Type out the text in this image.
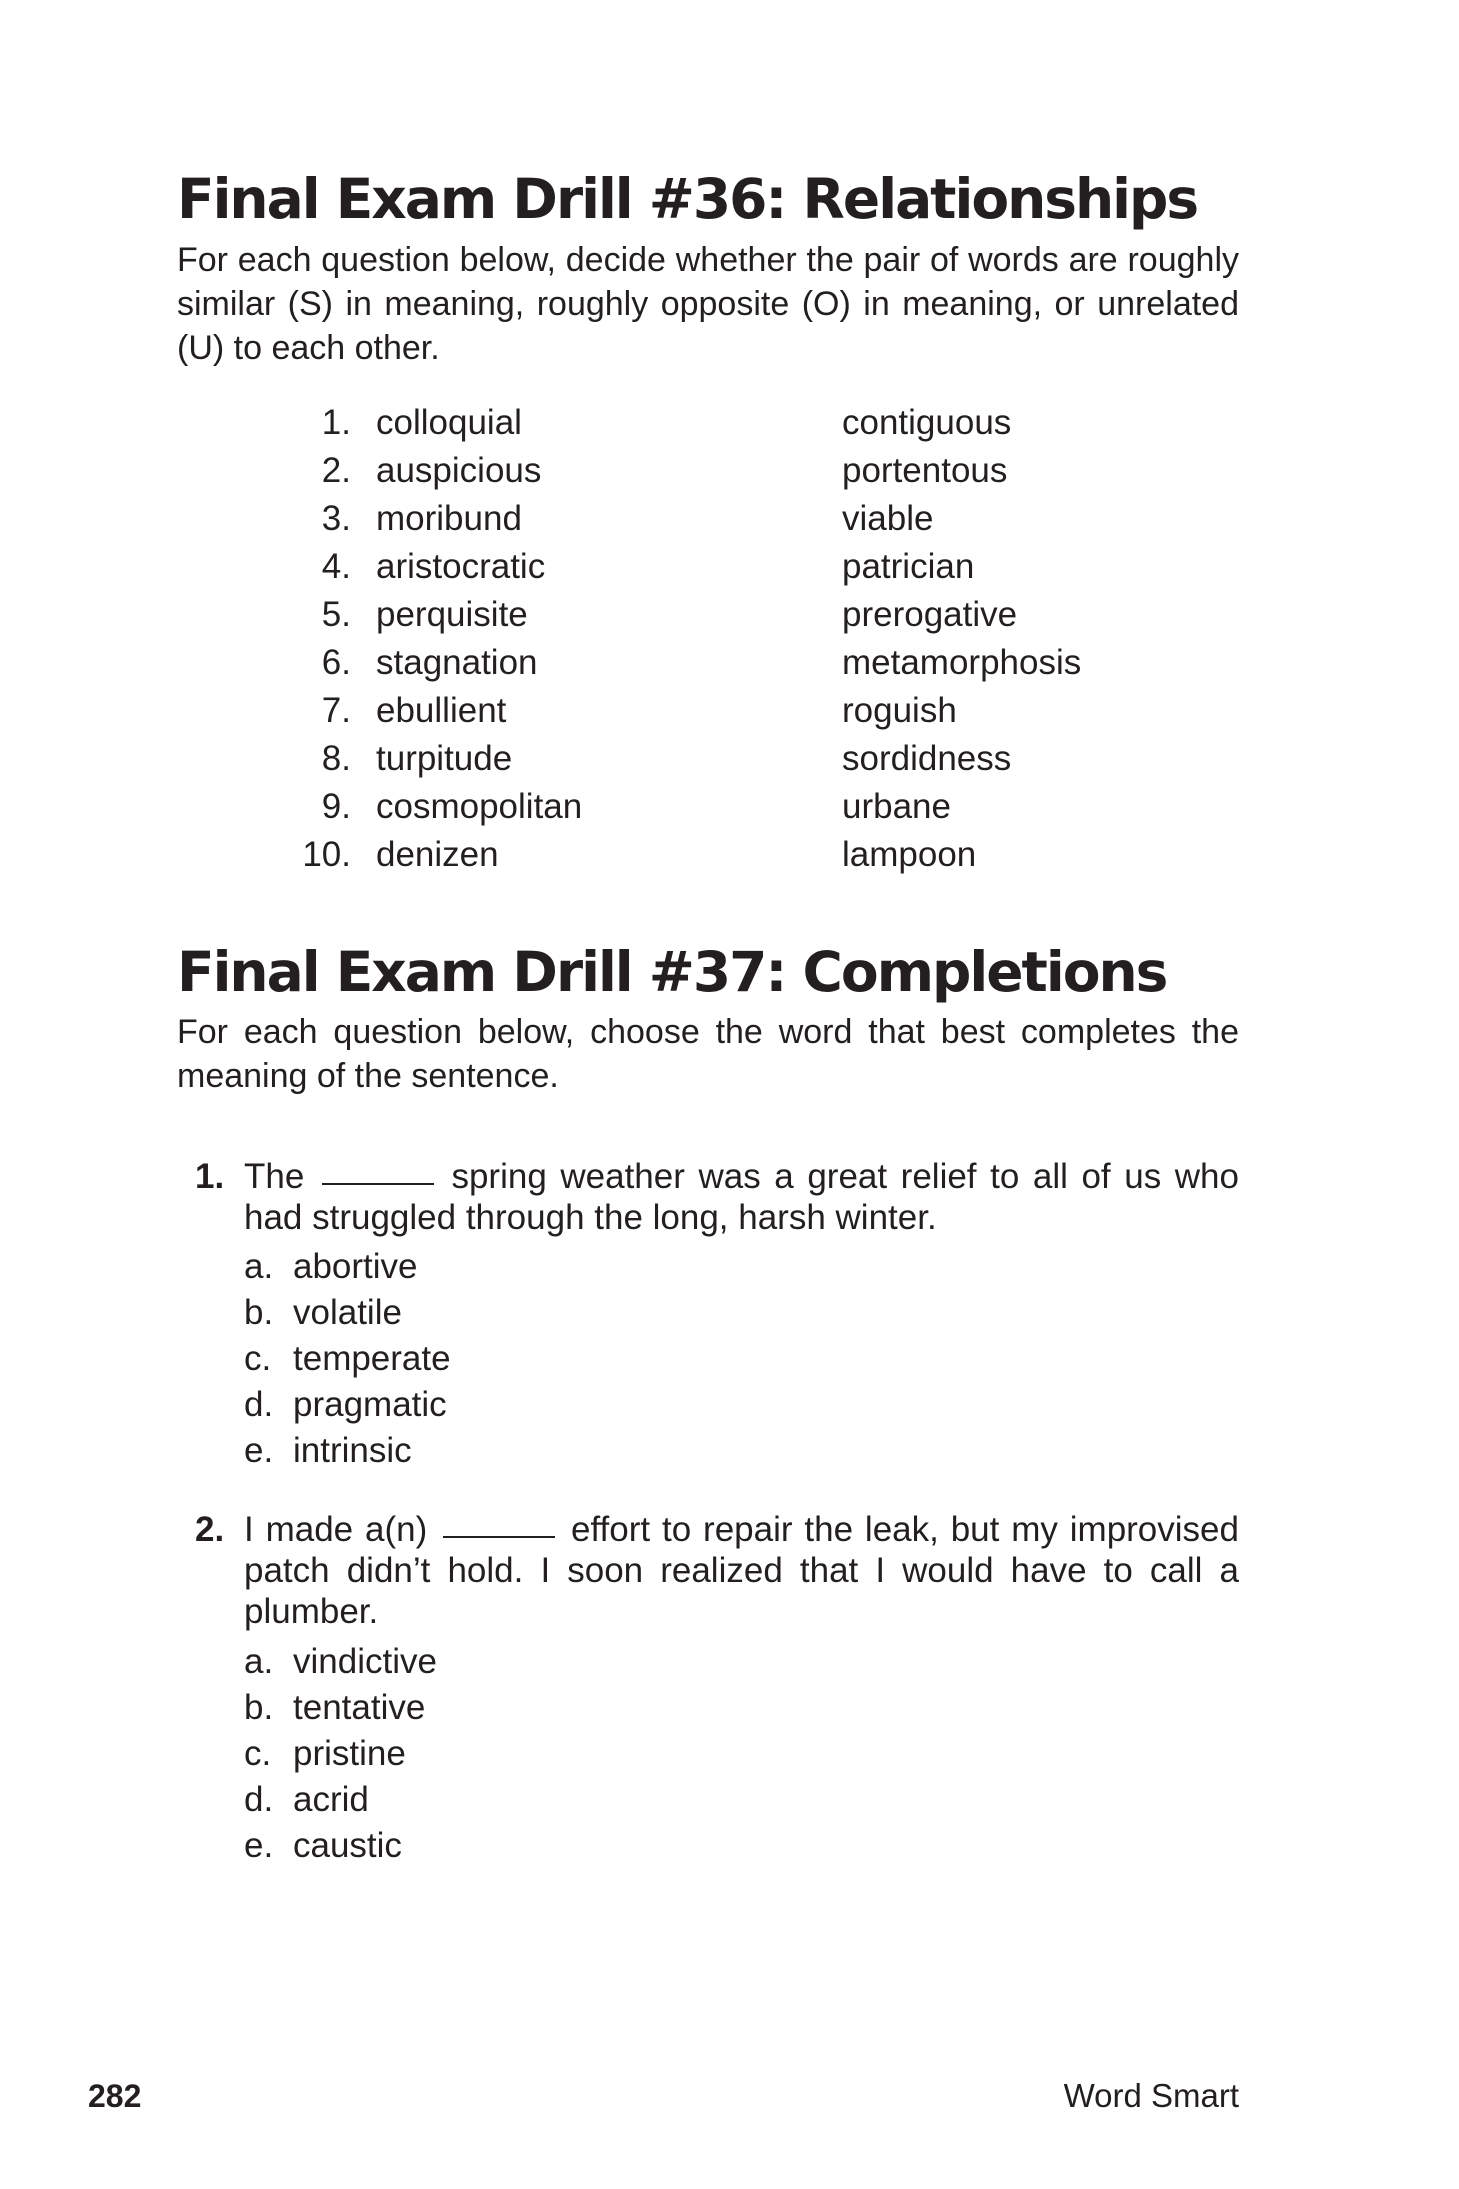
Final Exam Drill #36: Relationships

For each question below, decide whether the pair of words are roughly similar (S) in meaning, roughly opposite (O) in meaning, or unrelated (U) to each other.

1. colloquial	contiguous
2. auspicious	portentous
3. moribund	viable
4. aristocratic	patrician
5. perquisite	prerogative
6. stagnation	metamorphosis
7. ebullient	roguish
8. turpitude	sordidness
9. cosmopolitan	urbane
10. denizen	lampoon
Final Exam Drill #37: Completions

For each question below, choose the word that best completes the meaning of the sentence.

1. The	spring weather was a great relief to all of us who had struggled through the long, harsh winter.

a. abortive
b. volatile
c. temperate
d. pragmatic
e. intrinsic
2. I made a(n)	effort to repair the leak, but my improvised patch didn’t hold. I soon realized that I would have to call a plumber.

a. vindictive
b. tentative
c. pristine
d. acrid
e. caustic
282	Word Smart
